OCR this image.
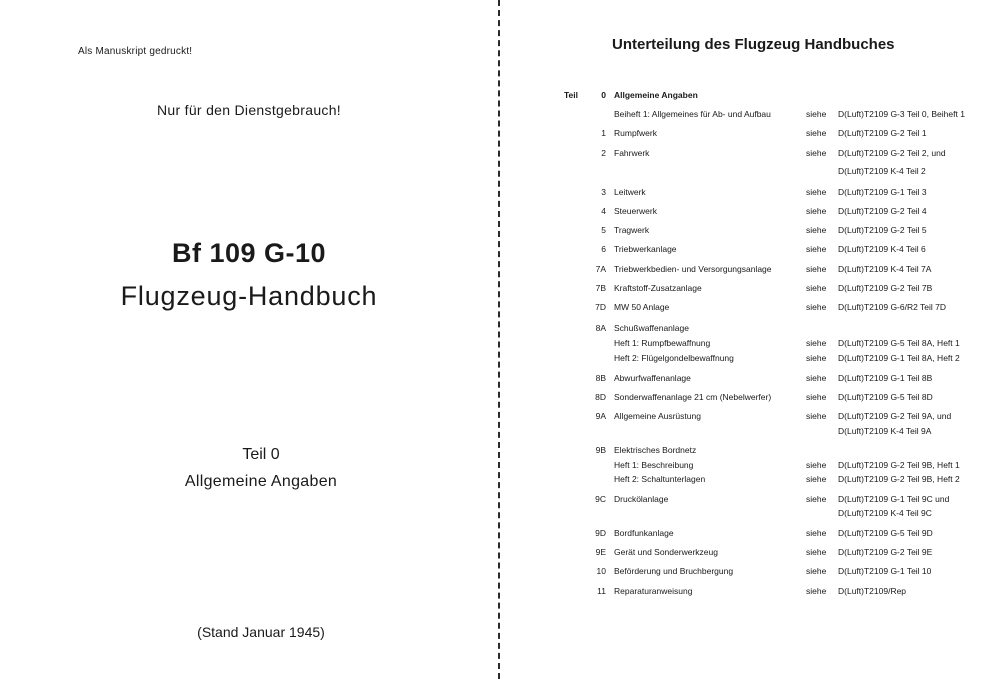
Als Manuskript gedruckt!
Nur für den Dienstgebrauch!
Bf 109 G-10
Flugzeug-Handbuch
Teil 0
Allgemeine Angaben
(Stand Januar 1945)
Unterteilung des Flugzeug Handbuches
Teil	0 Allgemeine Angaben
Beiheft 1: Allgemeines für Ab- und Aufbau	siehe D(Luft)T2109 G-3 Teil 0, Beiheft 1
1 Rumpfwerk	siehe D(Luft)T2109 G-2 Teil 1
2 Fahrwerk	siehe D(Luft)T2109 G-2 Teil 2, und
D(Luft)T2109 K-4 Teil 2
3 Leitwerk	siehe D(Luft)T2109 G-1 Teil 3
4 Steuerwerk	siehe D(Luft)T2109 G-2 Teil 4
5 Tragwerk	siehe D(Luft)T2109 G-2 Teil 5
6 Triebwerkanlage	siehe D(Luft)T2109 K-4 Teil 6
7A Triebwerkbedien- und Versorgungsanlage	siehe D(Luft)T2109 K-4 Teil 7A
7B Kraftstoff-Zusatzanlage	siehe D(Luft)T2109 G-2 Teil 7B
7D MW 50 Anlage	siehe D(Luft)T2109 G-6/R2 Teil 7D
8A Schußwaffenanlage
Heft 1: Rumpfbewaffnung	siehe D(Luft)T2109 G-5 Teil 8A, Heft 1
Heft 2: Flügelgondelbewaffnung	siehe D(Luft)T2109 G-1 Teil 8A, Heft 2
8B Abwurfwaffenanlage	siehe D(Luft)T2109 G-1 Teil 8B
8D Sonderwaffenanlage 21 cm (Nebelwerfer)	siehe D(Luft)T2109 G-5 Teil 8D
9A Allgemeine Ausrüstung	siehe D(Luft)T2109 G-2 Teil 9A, und
D(Luft)T2109 K-4 Teil 9A
9B Elektrisches Bordnetz
Heft 1: Beschreibung	siehe D(Luft)T2109 G-2 Teil 9B, Heft 1
Heft 2: Schaltunterlagen	siehe D(Luft)T2109 G-2 Teil 9B, Heft 2
9C Druckölanlage	siehe D(Luft)T2109 G-1 Teil 9C und
D(Luft)T2109 K-4 Teil 9C
9D Bordfunkanlage	siehe D(Luft)T2109 G-5 Teil 9D
9E Gerät und Sonderwerkzeug	siehe D(Luft)T2109 G-2 Teil 9E
10 Beförderung und Bruchbergung	siehe D(Luft)T2109 G-1 Teil 10
11 Reparaturanweisung	siehe D(Luft)T2109/Rep
